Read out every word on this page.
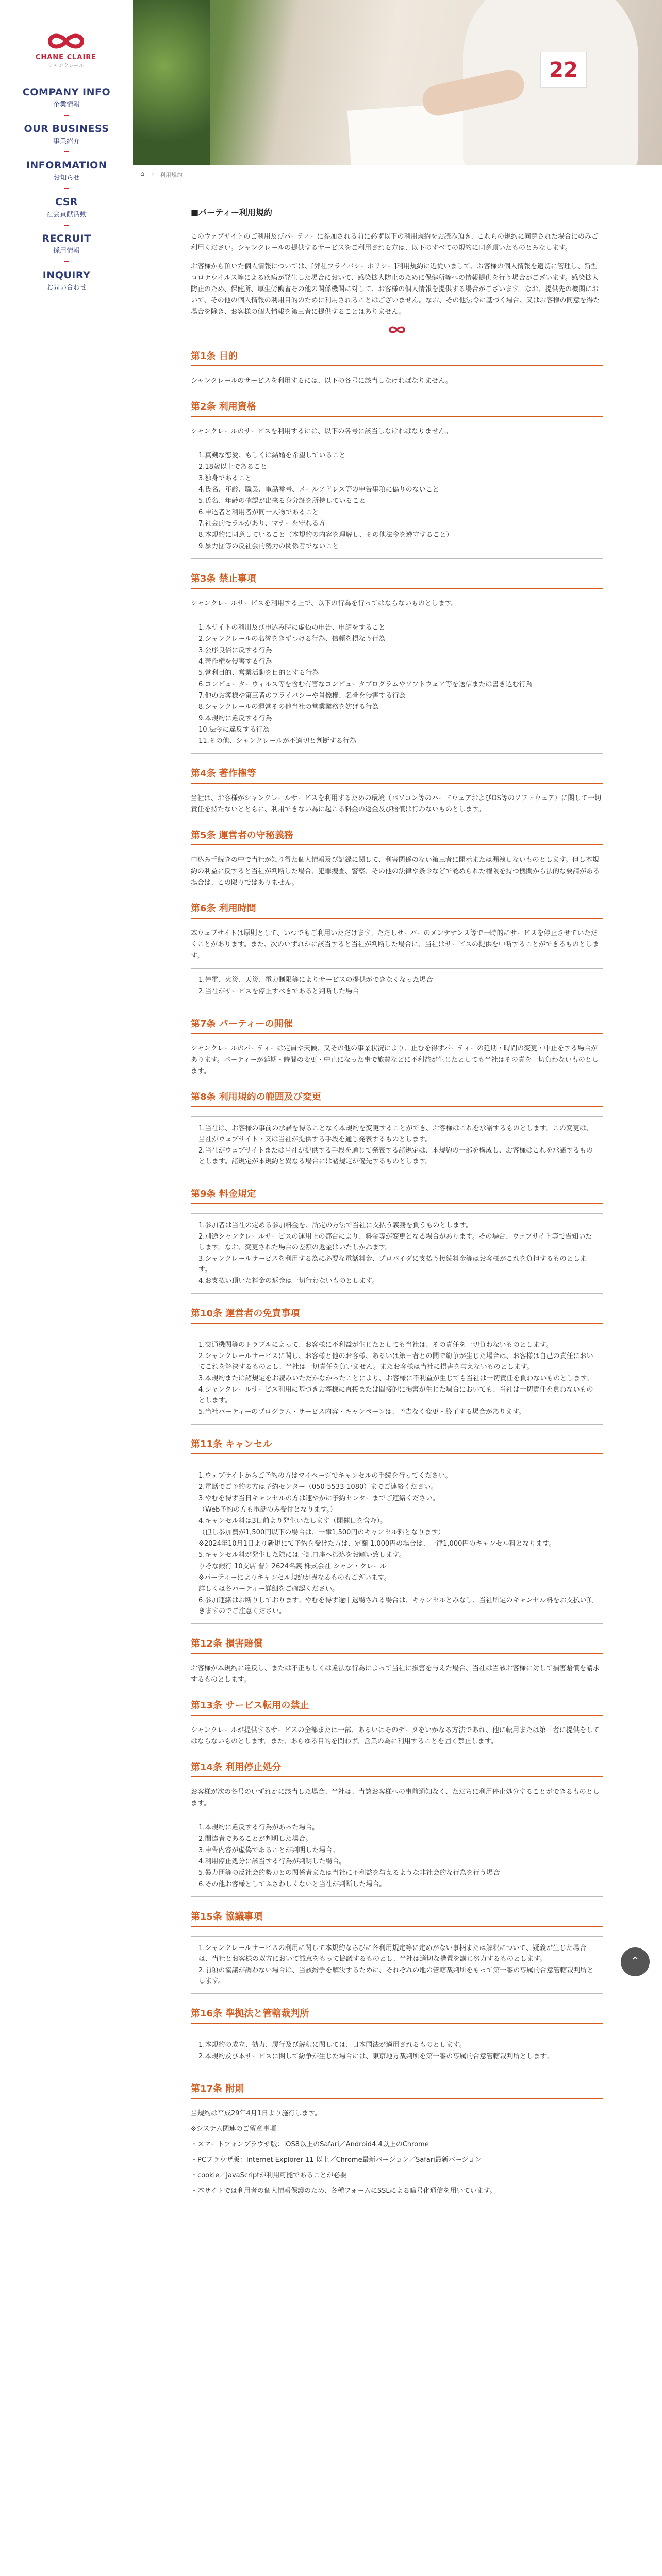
CHANE CLAIRE
シャンクレール
COMPANY INFO
企業情報
OUR BUSINESS
事業紹介
INFORMATION
お知らせ
CSR
社会貢献活動
RECRUIT
採用情報
INQUIRY
お問い合わせ
22
⌂ › 利用規約
■パーティー利用規約

このウェブサイトのご利用及びパーティーに参加される前に必ず以下の利用規約をお読み頂き、これらの規約に同意された場合にのみご利用ください。シャンクレールの提供するサービスをご利用される方は、以下のすべての規約に同意頂いたものとみなします。

お客様から頂いた個人情報については、[弊社プライバシーポリシー]利用規約に近従いまして、お客様の個人情報を適切に管理し、新型コロナウイルス等による疾病が発生した場合において、感染拡大防止のために保健所等への情報提供を行う場合がございます。感染拡大防止のため、保健所、厚生労働省その他の関係機関に対して、お客様の個人情報を提供する場合がございます。なお、提供先の機関において、その他の個人情報の利用目的のために利用されることはございません。なお、その他法令に基づく場合、又はお客様の同意を得た場合を除き、お客様の個人情報を第三者に提供することはありません。

第1条 目的

シャンクレールのサービスを利用するには、以下の各号に該当しなければなりません。

第2条 利用資格

シャンクレールのサービスを利用するには、以下の各号に該当しなければなりません。

1.真剣な恋愛、もしくは結婚を希望していること
2.18歳以上であること
3.独身であること
4.氏名、年齢、職業、電話番号、メールアドレス等の申告事項に偽りのないこと
5.氏名、年齢の確認が出来る身分証を所持していること
6.申込者と利用者が同一人物であること
7.社会的モラルがあり、マナーを守れる方
8.本規約に同意していること（本規約の内容を理解し、その他法令を遵守すること）
9.暴力団等の反社会的勢力の関係者でないこと
第3条 禁止事項

シャンクレールサービスを利用する上で、以下の行為を行ってはならないものとします。

1.本サイトの利用及び申込み時に虚偽の申告、申請をすること
2.シャンクレールの名誉をきずつける行為、信頼を損なう行為
3.公序良俗に反する行為
4.著作権を侵害する行為
5.営利目的、営業活動を目的とする行為
6.コンピューターウィルス等を含む有害なコンピュータプログラムやソフトウェア等を送信または書き込む行為
7.他のお客様や第三者のプライバシーや肖像権、名誉を侵害する行為
8.シャンクレールの運営その他当社の営業業務を妨げる行為
9.本規約に違反する行為
10.法令に違反する行為
11.その他、シャンクレールが不適切と判断する行為
第4条 著作権等

当社は、お客様がシャンクレールサービスを利用するための環境（パソコン等のハードウェアおよびOS等のソフトウェア）に関して一切責任を持たないとともに、利用できない為に起こる料金の返金及び賠償は行わないものとします。

第5条 運営者の守秘義務

申込み手続きの中で当社が知り得た個人情報及び記録に関して、利害関係のない第三者に開示または漏洩しないものとします。但し本規約の利益に反すると当社が判断した場合、犯罪捜査、警察、その他の法律や条令などで認められた権限を持つ機関から法的な要請がある場合は、この限りではありません。

第6条 利用時間

本ウェブサイトは原則として、いつでもご利用いただけます。ただしサーバーのメンテナンス等で一時的にサービスを停止させていただくことがあります。また、次のいずれかに該当すると当社が判断した場合に、当社はサービスの提供を中断することができるものとします。

1.停電、火災、天災、電力制限等によりサービスの提供ができなくなった場合
2.当社がサービスを停止すべきであると判断した場合
第7条 パーティーの開催

シャンクレールのパーティーは定員や天候、又その他の事業状況により、止むを得ずパーティーの延期・時間の変更・中止をする場合があります。パーティーが延期・時間の変更・中止になった事で旅費などに不利益が生じたとしても当社はその責を一切負わないものとします。

第8条 利用規約の範囲及び変更
1.当社は、お客様の事前の承諾を得ることなく本規約を変更することができ、お客様はこれを承諾するものとします。この変更は、当社がウェブサイト・又は当社が提供する手段を通じ発表するものとします。
2.当社がウェブサイトまたは当社が提供する手段を通じて発表する諸規定は、本規約の一部を構成し、お客様はこれを承諾するものとします。諸規定が本規約と異なる場合には諸規定が優先するものとします。
第9条 料金規定
1.参加者は当社の定める参加料金を、所定の方法で当社に支払う義務を負うものとします。
2.別途シャンクレールサービスの運用上の都合により、料金等が変更となる場合があります。その場合、ウェブサイト等で告知いたします。なお、変更された場合の差額の返金はいたしかねます。
3.シャンクレールサービスを利用する為に必要な電話料金、プロバイダに支払う接続料金等はお客様がこれを負担するものとします。
4.お支払い頂いた料金の返金は一切行わないものとします。
第10条 運営者の免責事項
1.交通機関等のトラブルによって、お客様に不利益が生じたとしても当社は、その責任を一切負わないものとします。
2.シャンクレールサービスに関し、お客様と他のお客様、あるいは第三者との間で紛争が生じた場合は、お客様は自己の責任においてこれを解決するものとし、当社は一切責任を負いません。またお客様は当社に損害を与えないものとします。
3.本規約または諸規定をお読みいただかなかったことにより、お客様に不利益が生じても当社は一切責任を負わないものとします。
4.シャンクレールサービス利用に基づきお客様に直接または間接的に損害が生じた場合においても、当社は一切責任を負わないものとします。
5.当社パーティーのプログラム・サービス内容・キャンペーンは、予告なく変更・終了する場合があります。
第11条 キャンセル
1.ウェブサイトからご予約の方はマイページでキャンセルの手続を行ってください。
2.電話でご予約の方は予約センター（050-5533-1080）までご連絡ください。
3.やむを得ず当日キャンセルの方は速やかに予約センターまでご連絡ください。
（Web予約の方も電話のみ受付となります。）
4.キャンセル料は3日前より発生いたします（開催日を含む）。
（但し参加費が1,500円以下の場合は、一律1,500円のキャンセル料となります）
※2024年10月1日より新規にて予約を受けた方は、定額 1,000円の場合は、一律1,000円のキャンセル料となります。
5.キャンセル料が発生した際には下記口座へ振込をお願い致します。
りそな銀行 10支店 普）2624名義 株式会社 シャン・クレール
※パーティーによりキャンセル規約が異なるものもございます。
詳しくは各パーティー詳細をご確認ください。
6.参加連絡はお断りしております。やむを得ず途中退場される場合は、キャンセルとみなし、当社所定のキャンセル料をお支払い頂きますのでご注意ください。
第12条 損害賠償

お客様が本規約に違反し、または不正もしくは違法な行為によって当社に損害を与えた場合、当社は当該お客様に対して損害賠償を請求するものとします。

第13条 サービス転用の禁止

シャンクレールが提供するサービスの全部または一部、あるいはそのデータをいかなる方法であれ、他に転用または第三者に提供をしてはならないものとします。また、あらゆる目的を問わず、営業の為に利用することを固く禁止します。

第14条 利用停止処分

お客様が次の各号のいずれかに該当した場合、当社は、当該お客様への事前通知なく、ただちに利用停止処分することができるものとします。

1.本規約に違反する行為があった場合。
2.間違者であることが判明した場合。
3.申告内容が虚偽であることが判明した場合。
4.利用停止処分に該当する行為が判明した場合。
5.暴力団等の反社会的勢力との関係者または当社に不利益を与えるような非社会的な行為を行う場合
6.その他お客様としてふさわしくないと当社が判断した場合。
第15条 協議事項
1.シャンクレールサービスの利用に関して本規約ならびに各利用規定等に定めがない事柄または解釈について、疑義が生じた場合は、当社とお客様の双方において誠意をもって協議するものとし、当社は適切な措置を講じ努力するものとします。
2.前項の協議が調わない場合は、当該紛争を解決するために、それぞれの地の管轄裁判所をもって第一審の専属的合意管轄裁判所とします。
第16条 準拠法と管轄裁判所
1.本規約の成立、効力、履行及び解釈に関しては、日本国法が適用されるものとします。
2.本規約及び本サービスに関して紛争が生じた場合には、東京地方裁判所を第一審の専属的合意管轄裁判所とします。
第17条 附則

当規約は平成29年4月1日より施行します。

※システム関連のご留意事項

・スマートフォンブラウザ版：iOS8以上のSafari／Android4.4以上のChrome

・PCブラウザ版：Internet Explorer 11 以上／Chrome最新バージョン／Safari最新バージョン

・cookie／JavaScriptが利用可能であることが必要

・本サイトでは利用者の個人情報保護のため、各種フォームにSSLによる暗号化通信を用いています。

⌃
